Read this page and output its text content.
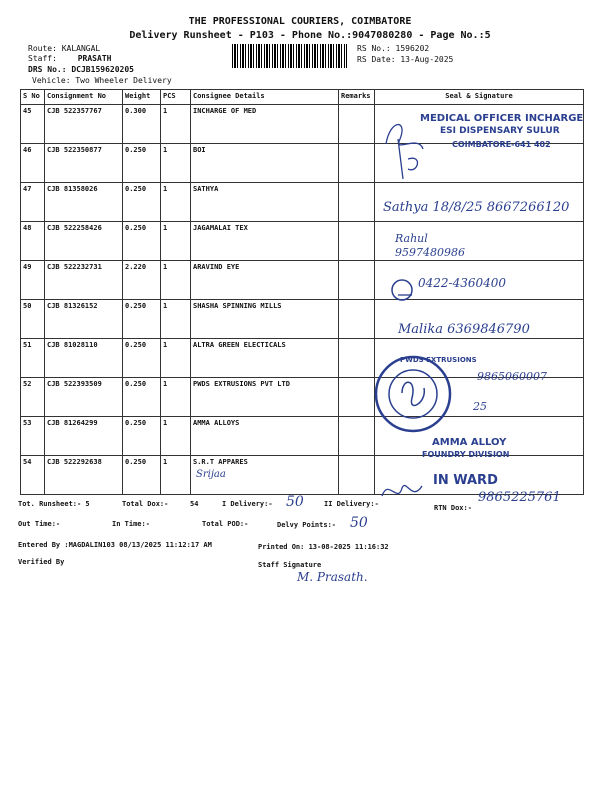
THE PROFESSIONAL COURIERS, COIMBATORE
Delivery Runsheet - P103 - Phone No.:9047080280 - Page No.:5
Route: KALANGAL
Staff:	PRASATH
DRS No.: DCJB159620205
Vehicle: Two Wheeler Delivery
RS No.: 1596202
RS Date: 13-Aug-2025
S No	Consignment No	Weight	PCS	Consignee Details	Remarks	Seal & Signature
45	CJB 522357767	0.300	1	INCHARGE OF MED		
46	CJB 522350877	0.250	1	BOI		
47	CJB 81358026	0.250	1	SATHYA		
48	CJB 522258426	0.250	1	JAGAMALAI TEX		
49	CJB 522232731	2.220	1	ARAVIND EYE		
50	CJB 81326152	0.250	1	SHASHA SPINNING MILLS		
51	CJB 81028110	0.250	1	ALTRA GREEN ELECTICALS		
52	CJB 522393509	0.250	1	PWDS EXTRUSIONS PVT LTD		
53	CJB 81264299	0.250	1	AMMA ALLOYS		
54	CJB 522292638	0.250	1	S.R.T APPARES		
MEDICAL OFFICER INCHARGE
ESI DISPENSARY SULUR
COIMBATORE-641 402
Sathya 18/8/25 8667266120
Rahul 9597480986
0422-4360400
Malika 6369846790
9865060007
PWDS EXTRUSIONS
25
AMMA ALLOY
FOUNDRY DIVISION
IN WARD
Srijaa
9865225761
Tot. Runsheet:- 5	Total Dox:-	54	I Delivery:- 50	II Delivery:-	RTN Dox:-
Out Time:-	In Time:-	Total POD:-	Delvy Points:- 50
Entered By :MAGDALIN103 08/13/2025 11:12:17 AM	Printed On: 13-08-2025 11:16:32
Verified By	Staff Signature
M. Prasath.
